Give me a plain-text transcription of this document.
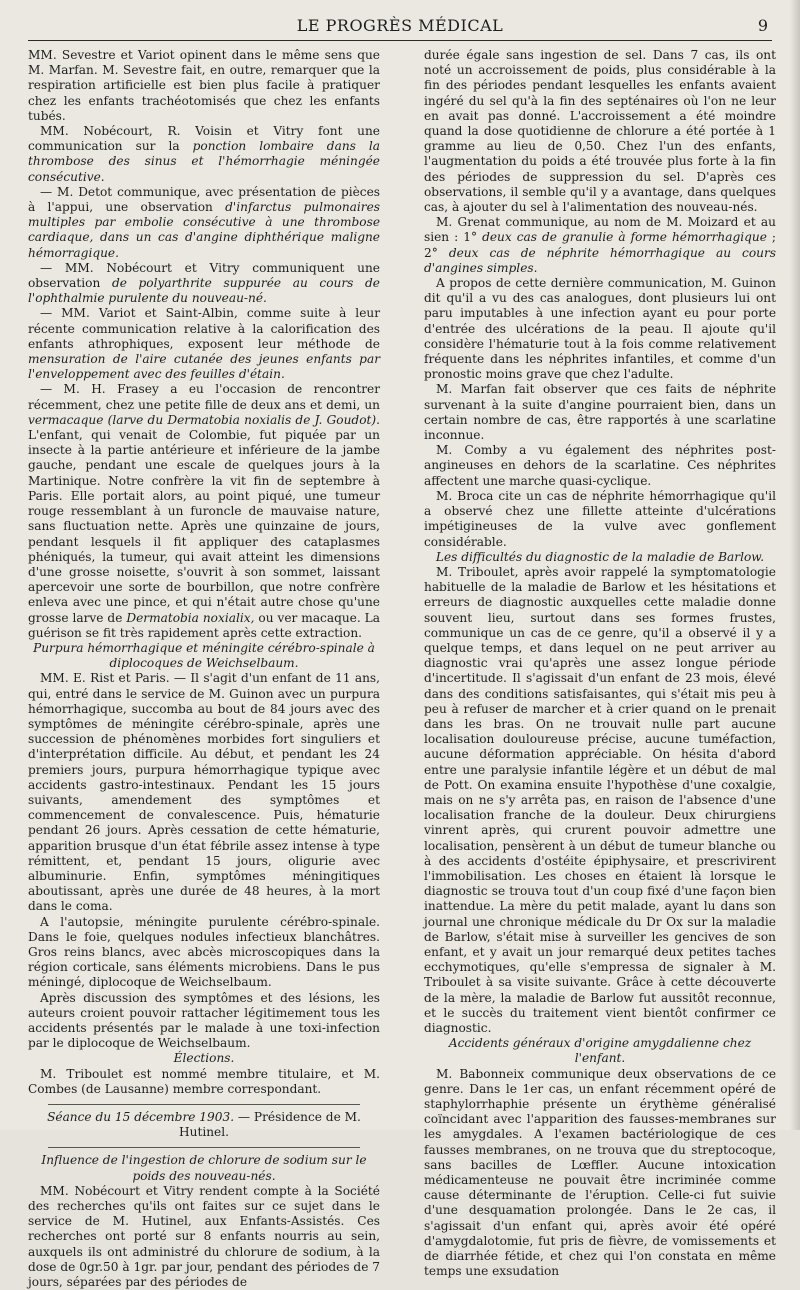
LE PROGRÈS MÉDICAL	9

MM. Sevestre et Variot opinent dans le même sens que M. Marfan. M. Sevestre fait, en outre, remarquer que la respiration artificielle est bien plus facile à pratiquer chez les enfants trachéotomisés que chez les enfants tubés.

MM. Nobécourt, R. Voisin et Vitry font une communication sur la ponction lombaire dans la thrombose des sinus et l'hémorrhagie méningée consécutive.

— M. Detot communique, avec présentation de pièces à l'appui, une observation d'infarctus pulmonaires multiples par embolie consécutive à une thrombose cardiaque, dans un cas d'angine diphthérique maligne hémorragique.

— MM. Nobécourt et Vitry communiquent une observation de polyarthrite suppurée au cours de l'ophthalmie purulente du nouveau-né.

— MM. Variot et Saint-Albin, comme suite à leur récente communication relative à la calorification des enfants athrophiques, exposent leur méthode de mensuration de l'aire cutanée des jeunes enfants par l'enveloppement avec des feuilles d'étain.

— M. H. Frasey a eu l'occasion de rencontrer récemment, chez une petite fille de deux ans et demi, un vermacaque (larve du Dermatobia noxialis de J. Goudot). L'enfant, qui venait de Colombie, fut piquée par un insecte à la partie antérieure et inférieure de la jambe gauche, pendant une escale de quelques jours à la Martinique. Notre confrère la vit fin de septembre à Paris. Elle portait alors, au point piqué, une tumeur rouge ressemblant à un furoncle de mauvaise nature, sans fluctuation nette. Après une quinzaine de jours, pendant lesquels il fit appliquer des cataplasmes phéniqués, la tumeur, qui avait atteint les dimensions d'une grosse noisette, s'ouvrit à son sommet, laissant apercevoir une sorte de bourbillon, que notre confrère enleva avec une pince, et qui n'était autre chose qu'une grosse larve de Dermatobia noxialix, ou ver macaque. La guérison se fit très rapidement après cette extraction.

Purpura hémorrhagique et méningite cérébro-spinale à diplocoques de Weichselbaum.

MM. E. Rist et Paris. — Il s'agit d'un enfant de 11 ans, qui, entré dans le service de M. Guinon avec un purpura hémorrhagique, succomba au bout de 84 jours avec des symptômes de méningite cérébro-spinale, après une succession de phénomènes morbides fort singuliers et d'interprétation difficile. Au début, et pendant les 24 premiers jours, purpura hémorrhagique typique avec accidents gastro-intestinaux. Pendant les 15 jours suivants, amendement des symptômes et commencement de convalescence. Puis, hématurie pendant 26 jours. Après cessation de cette hématurie, apparition brusque d'un état fébrile assez intense à type rémittent, et, pendant 15 jours, oligurie avec albuminurie. Enfin, symptômes méningitiques aboutissant, après une durée de 48 heures, à la mort dans le coma.

A l'autopsie, méningite purulente cérébro-spinale. Dans le foie, quelques nodules infectieux blanchâtres. Gros reins blancs, avec abcès microscopiques dans la région corticale, sans éléments microbiens. Dans le pus méningé, diplocoque de Weichselbaum.

Après discussion des symptômes et des lésions, les auteurs croient pouvoir rattacher légitimement tous les accidents présentés par le malade à une toxi-infection par le diplocoque de Weichselbaum.

Élections.

M. Triboulet est nommé membre titulaire, et M. Combes (de Lausanne) membre correspondant.

Séance du 15 décembre 1903. — Présidence de M. Hutinel.

Influence de l'ingestion de chlorure de sodium sur le poids des nouveau-nés.

MM. Nobécourt et Vitry rendent compte à la Société des recherches qu'ils ont faites sur ce sujet dans le service de M. Hutinel, aux Enfants-Assistés. Ces recherches ont porté sur 8 enfants nourris au sein, auxquels ils ont administré du chlorure de sodium, à la dose de 0gr.50 à 1gr. par jour, pendant des périodes de 7 jours, séparées par des périodes de

durée égale sans ingestion de sel. Dans 7 cas, ils ont noté un accroissement de poids, plus considérable à la fin des périodes pendant lesquelles les enfants avaient ingéré du sel qu'à la fin des septénaires où l'on ne leur en avait pas donné. L'accroissement a été moindre quand la dose quotidienne de chlorure a été portée à 1 gramme au lieu de 0,50. Chez l'un des enfants, l'augmentation du poids a été trouvée plus forte à la fin des périodes de suppression du sel. D'après ces observations, il semble qu'il y a avantage, dans quelques cas, à ajouter du sel à l'alimentation des nouveau-nés.

M. Grenat communique, au nom de M. Moizard et au sien : 1° deux cas de granulie à forme hémorrhagique ; 2° deux cas de néphrite hémorrhagique au cours d'angines simples.

A propos de cette dernière communication, M. Guinon dit qu'il a vu des cas analogues, dont plusieurs lui ont paru imputables à une infection ayant eu pour porte d'entrée des ulcérations de la peau. Il ajoute qu'il considère l'hématurie tout à la fois comme relativement fréquente dans les néphrites infantiles, et comme d'un pronostic moins grave que chez l'adulte.

M. Marfan fait observer que ces faits de néphrite survenant à la suite d'angine pourraient bien, dans un certain nombre de cas, être rapportés à une scarlatine inconnue.

M. Comby a vu également des néphrites post-angineuses en dehors de la scarlatine. Ces néphrites affectent une marche quasi-cyclique.

M. Broca cite un cas de néphrite hémorrhagique qu'il a observé chez une fillette atteinte d'ulcérations impétigineuses de la vulve avec gonflement considérable.

Les difficultés du diagnostic de la maladie de Barlow.

M. Triboulet, après avoir rappelé la symptomatologie habituelle de la maladie de Barlow et les hésitations et erreurs de diagnostic auxquelles cette maladie donne souvent lieu, surtout dans ses formes frustes, communique un cas de ce genre, qu'il a observé il y a quelque temps, et dans lequel on ne peut arriver au diagnostic vrai qu'après une assez longue période d'incertitude. Il s'agissait d'un enfant de 23 mois, élevé dans des conditions satisfaisantes, qui s'était mis peu à peu à refuser de marcher et à crier quand on le prenait dans les bras. On ne trouvait nulle part aucune localisation douloureuse précise, aucune tuméfaction, aucune déformation appréciable. On hésita d'abord entre une paralysie infantile légère et un début de mal de Pott. On examina ensuite l'hypothèse d'une coxalgie, mais on ne s'y arrêta pas, en raison de l'absence d'une localisation franche de la douleur. Deux chirurgiens vinrent après, qui crurent pouvoir admettre une localisation, pensèrent à un début de tumeur blanche ou à des accidents d'ostéite épiphysaire, et prescrivirent l'immobilisation. Les choses en étaient là lorsque le diagnostic se trouva tout d'un coup fixé d'une façon bien inattendue. La mère du petit malade, ayant lu dans son journal une chronique médicale du Dr Ox sur la maladie de Barlow, s'était mise à surveiller les gencives de son enfant, et y avait un jour remarqué deux petites taches ecchymotiques, qu'elle s'empressa de signaler à M. Triboulet à sa visite suivante. Grâce à cette découverte de la mère, la maladie de Barlow fut aussitôt reconnue, et le succès du traitement vient bientôt confirmer ce diagnostic.

Accidents généraux d'origine amygdalienne chez l'enfant.

M. Babonneix communique deux observations de ce genre. Dans le 1er cas, un enfant récemment opéré de staphylorrhaphie présente un érythème généralisé coïncidant avec l'apparition des fausses-membranes sur les amygdales. A l'examen bactériologique de ces fausses membranes, on ne trouva que du streptocoque, sans bacilles de Lœffler. Aucune intoxication médicamenteuse ne pouvait être incriminée comme cause déterminante de l'éruption. Celle-ci fut suivie d'une desquamation prolongée. Dans le 2e cas, il s'agissait d'un enfant qui, après avoir été opéré d'amygdalotomie, fut pris de fièvre, de vomissements et de diarrhée fétide, et chez qui l'on constata en même temps une exsudation
